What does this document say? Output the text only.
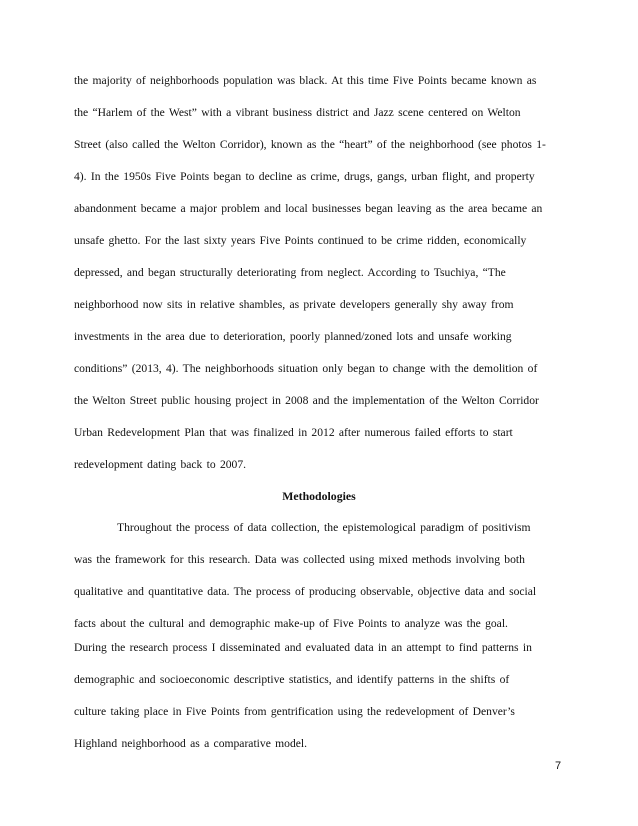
the majority of neighborhoods population was black. At this time Five Points became known as
the “Harlem of the West” with a vibrant business district and Jazz scene centered on Welton
Street (also called the Welton Corridor), known as the “heart” of the neighborhood (see photos 1-
4). In the 1950s Five Points began to decline as crime, drugs, gangs, urban flight, and property
abandonment became a major problem and local businesses began leaving as the area became an
unsafe ghetto. For the last sixty years Five Points continued to be crime ridden, economically
depressed, and began structurally deteriorating from neglect. According to Tsuchiya, “The
neighborhood now sits in relative shambles, as private developers generally shy away from
investments in the area due to deterioration, poorly planned/zoned lots and unsafe working
conditions” (2013, 4). The neighborhoods situation only began to change with the demolition of
the Welton Street public housing project in 2008 and the implementation of the Welton Corridor
Urban Redevelopment Plan that was finalized in 2012 after numerous failed efforts to start
redevelopment dating back to 2007.
Methodologies
Throughout the process of data collection, the epistemological paradigm of positivism
was the framework for this research. Data was collected using mixed methods involving both
qualitative and quantitative data. The process of producing observable, objective data and social
facts about the cultural and demographic make-up of Five Points to analyze was the goal.
During the research process I disseminated and evaluated data in an attempt to find patterns in
demographic and socioeconomic descriptive statistics, and identify patterns in the shifts of
culture taking place in Five Points from gentrification using the redevelopment of Denver’s
Highland neighborhood as a comparative model.
7
